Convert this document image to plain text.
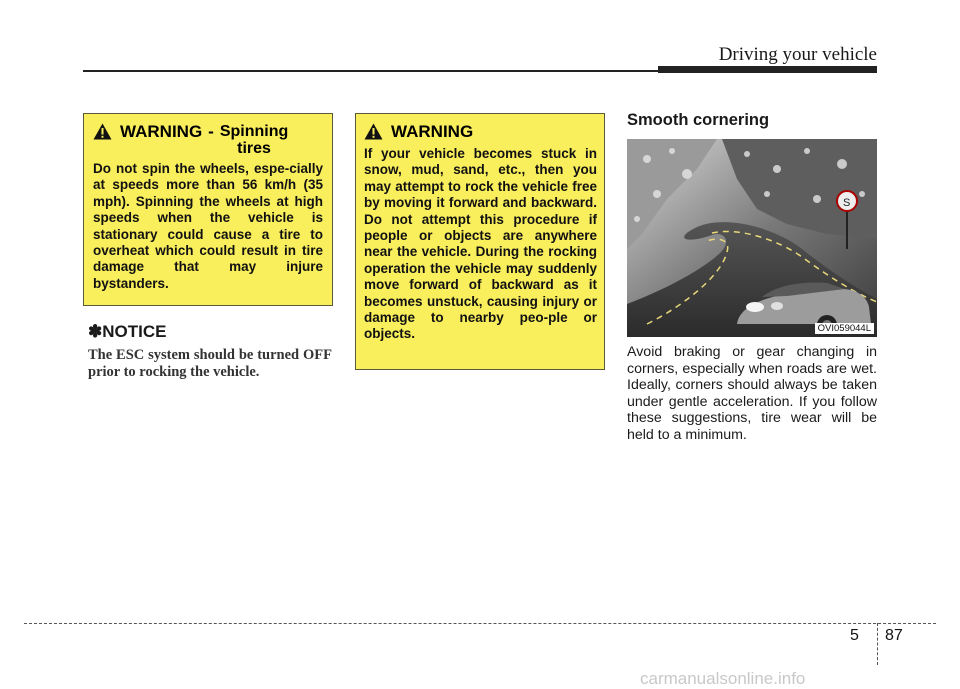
Driving your vehicle
WARNING - Spinning
tires
Do not spin the wheels, espe-cially at speeds more than 56 km/h (35 mph). Spinning the wheels at high speeds when the vehicle is stationary could cause a tire to overheat which could result in tire damage that may injure bystanders.
✽NOTICE
The ESC system should be turned OFF prior to rocking the vehicle.
WARNING
If your vehicle becomes stuck in snow, mud, sand, etc., then you may attempt to rock the vehicle free by moving it forward and backward. Do not attempt this procedure if people or objects are anywhere near the vehicle. During the rocking operation the vehicle may suddenly move forward of backward as it becomes unstuck, causing injury or damage to nearby peo-ple or objects.
Smooth cornering
S
OVI059044L
Avoid braking or gear changing in corners, especially when roads are wet. Ideally, corners should always be taken under gentle acceleration. If you follow these suggestions, tire wear will be held to a minimum.
5 87
carmanualsonline.info
